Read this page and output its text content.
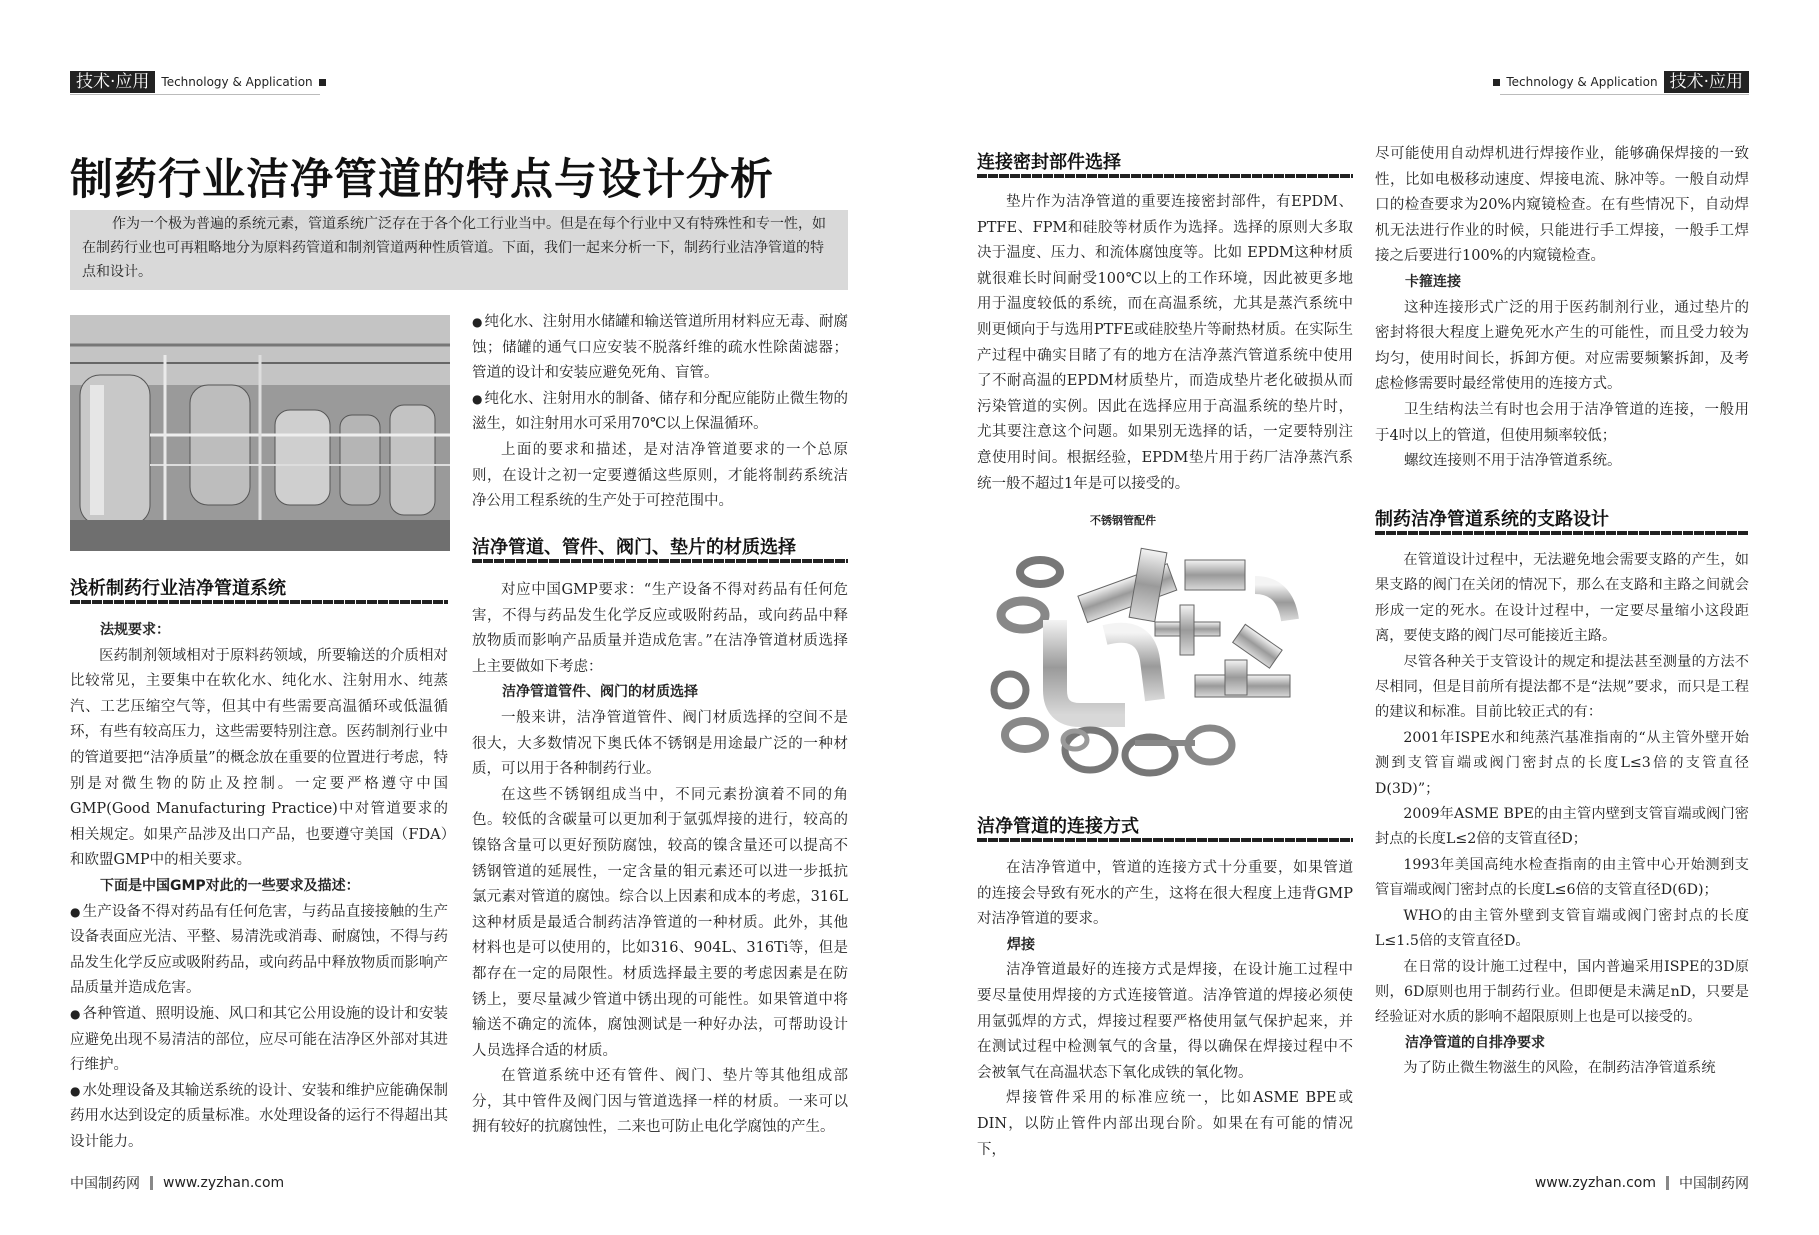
技术·应用	Technology & Application	Technology & Application 技术·应用
制药行业洁净管道的特点与设计分析
作为一个极为普遍的系统元素，管道系统广泛存在于各个化工行业当中。但是在每个行业中又有特殊性和专一性，如在制药行业也可再粗略地分为原料药管道和制剂管道两种性质管道。下面，我们一起来分析一下，制药行业洁净管道的特点和设计。
浅析制药行业洁净管道系统

法规要求：

医药制剂领域相对于原料药领域，所要输送的介质相对比较常见，主要集中在软化水、纯化水、注射用水、纯蒸汽、工艺压缩空气等，但其中有些需要高温循环或低温循环，有些有较高压力，这些需要特别注意。医药制剂行业中的管道要把“洁净质量”的概念放在重要的位置进行考虑，特别是对微生物的防止及控制。一定要严格遵守中国GMP(Good Manufacturing Practice)中对管道要求的相关规定。如果产品涉及出口产品，也要遵守美国（FDA）和欧盟GMP中的相关要求。

下面是中国GMP对此的一些要求及描述：

● 生产设备不得对药品有任何危害，与药品直接接触的生产设备表面应光洁、平整、易清洗或消毒、耐腐蚀，不得与药品发生化学反应或吸附药品，或向药品中释放物质而影响产品质量并造成危害。

● 各种管道、照明设施、风口和其它公用设施的设计和安装应避免出现不易清洁的部位，应尽可能在洁净区外部对其进行维护。

● 水处理设备及其输送系统的设计、安装和维护应能确保制药用水达到设定的质量标准。水处理设备的运行不得超出其设计能力。

● 纯化水、注射用水储罐和输送管道所用材料应无毒、耐腐蚀；储罐的通气口应安装不脱落纤维的疏水性除菌滤器；管道的设计和安装应避免死角、盲管。

● 纯化水、注射用水的制备、储存和分配应能防止微生物的滋生，如注射用水可采用70℃以上保温循环。

上面的要求和描述，是对洁净管道要求的一个总原则，在设计之初一定要遵循这些原则，才能将制药系统洁净公用工程系统的生产处于可控范围中。

洁净管道、管件、阀门、垫片的材质选择

对应中国GMP要求：“生产设备不得对药品有任何危害，不得与药品发生化学反应或吸附药品，或向药品中释放物质而影响产品质量并造成危害。”在洁净管道材质选择上主要做如下考虑：

洁净管道管件、阀门的材质选择

一般来讲，洁净管道管件、阀门材质选择的空间不是很大，大多数情况下奥氏体不锈钢是用途最广泛的一种材质，可以用于各种制药行业。

在这些不锈钢组成当中，不同元素扮演着不同的角色。较低的含碳量可以更加利于氩弧焊接的进行，较高的镍铬含量可以更好预防腐蚀，较高的镍含量还可以提高不锈钢管道的延展性，一定含量的钼元素还可以进一步抵抗氯元素对管道的腐蚀。综合以上因素和成本的考虑，316L这种材质是最适合制药洁净管道的一种材质。此外，其他材料也是可以使用的，比如316、904L、316Ti等，但是都存在一定的局限性。材质选择最主要的考虑因素是在防锈上，要尽量减少管道中锈出现的可能性。如果管道中将输送不确定的流体，腐蚀测试是一种好办法，可帮助设计人员选择合适的材质。

在管道系统中还有管件、阀门、垫片等其他组成部分，其中管件及阀门因与管道选择一样的材质。一来可以拥有较好的抗腐蚀性，二来也可防止电化学腐蚀的产生。

连接密封部件选择

垫片作为洁净管道的重要连接密封部件，有EPDM、PTFE、FPM和硅胶等材质作为选择。选择的原则大多取决于温度、压力、和流体腐蚀度等。比如 EPDM这种材质就很难长时间耐受100℃以上的工作环境，因此被更多地用于温度较低的系统，而在高温系统，尤其是蒸汽系统中则更倾向于与选用PTFE或硅胶垫片等耐热材质。在实际生产过程中确实目睹了有的地方在洁净蒸汽管道系统中使用了不耐高温的EPDM材质垫片，而造成垫片老化破损从而污染管道的实例。因此在选择应用于高温系统的垫片时，尤其要注意这个问题。如果别无选择的话，一定要特别注意使用时间。根据经验，EPDM垫片用于药厂洁净蒸汽系统一般不超过1年是可以接受的。

不锈钢管配件
洁净管道的连接方式

在洁净管道中，管道的连接方式十分重要，如果管道的连接会导致有死水的产生，这将在很大程度上违背GMP对洁净管道的要求。

焊接

洁净管道最好的连接方式是焊接，在设计施工过程中要尽量使用焊接的方式连接管道。洁净管道的焊接必须使用氩弧焊的方式，焊接过程要严格使用氩气保护起来，并在测试过程中检测氧气的含量，得以确保在焊接过程中不会被氧气在高温状态下氧化成铁的氧化物。

焊接管件采用的标准应统一，比如ASME BPE或DIN，以防止管件内部出现台阶。如果在有可能的情况下，

尽可能使用自动焊机进行焊接作业，能够确保焊接的一致性，比如电极移动速度、焊接电流、脉冲等。一般自动焊口的检查要求为20%内窥镜检查。在有些情况下，自动焊机无法进行作业的时候，只能进行手工焊接，一般手工焊接之后要进行100%的内窥镜检查。

卡箍连接

这种连接形式广泛的用于医药制剂行业，通过垫片的密封将很大程度上避免死水产生的可能性，而且受力较为均匀，使用时间长，拆卸方便。对应需要频繁拆卸，及考虑检修需要时最经常使用的连接方式。

卫生结构法兰有时也会用于洁净管道的连接，一般用于4吋以上的管道，但使用频率较低；

螺纹连接则不用于洁净管道系统。

制药洁净管道系统的支路设计

在管道设计过程中，无法避免地会需要支路的产生，如果支路的阀门在关闭的情况下，那么在支路和主路之间就会形成一定的死水。在设计过程中，一定要尽量缩小这段距离，要使支路的阀门尽可能接近主路。

尽管各种关于支管设计的规定和提法甚至测量的方法不尽相同，但是目前所有提法都不是“法规”要求，而只是工程的建议和标准。目前比较正式的有：

2001年ISPE水和纯蒸汽基准指南的“从主管外壁开始测到支管盲端或阀门密封点的长度L≤3倍的支管直径D(3D)”；

2009年ASME BPE的由主管内壁到支管盲端或阀门密封点的长度L≤2倍的支管直径D；

1993年美国高纯水检查指南的由主管中心开始测到支管盲端或阀门密封点的长度L≤6倍的支管直径D(6D)；

WHO的由主管外壁到支管盲端或阀门密封点的长度L≤1.5倍的支管直径D。

在日常的设计施工过程中，国内普遍采用ISPE的3D原则，6D原则也用于制药行业。但即便是未满足nD，只要是经验证对水质的影响不超限原则上也是可以接受的。

洁净管道的自排净要求

为了防止微生物滋生的风险，在制药洁净管道系统

中国制药网 www.zyzhan.com	www.zyzhan.com 中国制药网
